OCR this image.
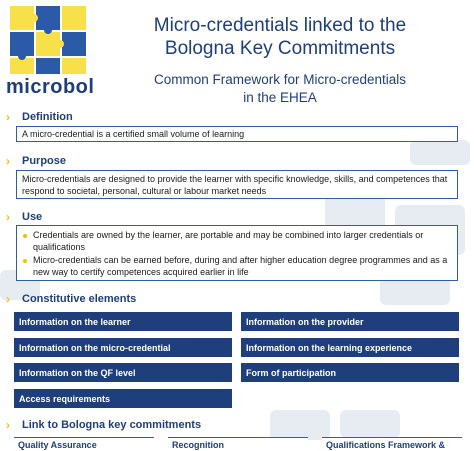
microbol
Micro-credentials linked to the Bologna Key Commitments
Common Framework for Micro-credentials in the EHEA
›	Definition
A micro-credential is a certified small volume of learning
›	Purpose
Micro-credentials are designed to provide the learner with specific knowledge, skills, and competences that respond to societal, personal, cultural or labour market needs
›	Use
Credentials are owned by the learner, are portable and may be combined into larger credentials or qualifications
Micro-credentials can be earned before, during and after higher education degree programmes and as a new way to certify competences acquired earlier in life
›	Constitutive elements
Information on the learner
Information on the micro-credential
Information on the QF level
Access requirements
Information on the provider
Information on the learning experience
Form of participation
›	Link to Bologna key commitments
Quality Assurance	Recognition	Qualifications Framework &
